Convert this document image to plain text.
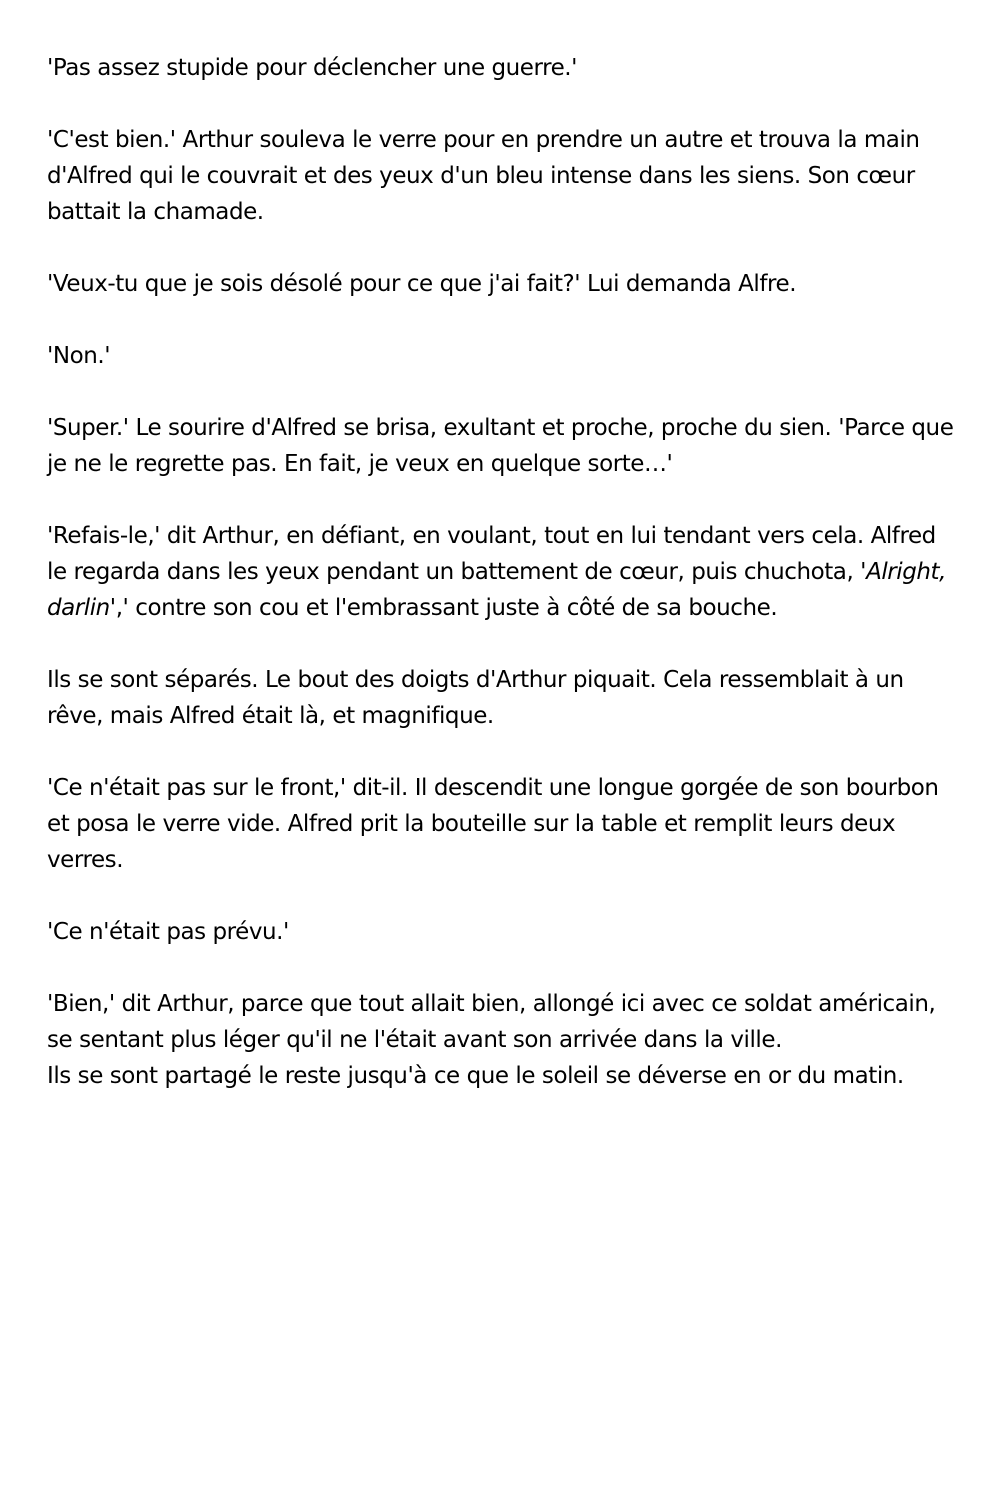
'Pas assez stupide pour déclencher une guerre.'

'C'est bien.' Arthur souleva le verre pour en prendre un autre et trouva la main d'Alfred qui le couvrait et des yeux d'un bleu intense dans les siens. Son cœur battait la chamade.

'Veux-tu que je sois désolé pour ce que j'ai fait?' Lui demanda Alfre.

'Non.'

'Super.' Le sourire d'Alfred se brisa, exultant et proche, proche du sien. 'Parce que je ne le regrette pas. En fait, je veux en quelque sorte…'

'Refais-le,' dit Arthur, en défiant, en voulant, tout en lui tendant vers cela. Alfred le regarda dans les yeux pendant un battement de cœur, puis chuchota, 'Alright, darlin',' contre son cou et l'embrassant juste à côté de sa bouche.

Ils se sont séparés. Le bout des doigts d'Arthur piquait. Cela ressemblait à un rêve, mais Alfred était là, et magnifique.

'Ce n'était pas sur le front,' dit-il. Il descendit une longue gorgée de son bourbon et posa le verre vide. Alfred prit la bouteille sur la table et remplit leurs deux verres.

'Ce n'était pas prévu.'

'Bien,' dit Arthur, parce que tout allait bien, allongé ici avec ce soldat américain, se sentant plus léger qu'il ne l'était avant son arrivée dans la ville.

Ils se sont partagé le reste jusqu'à ce que le soleil se déverse en or du matin.
